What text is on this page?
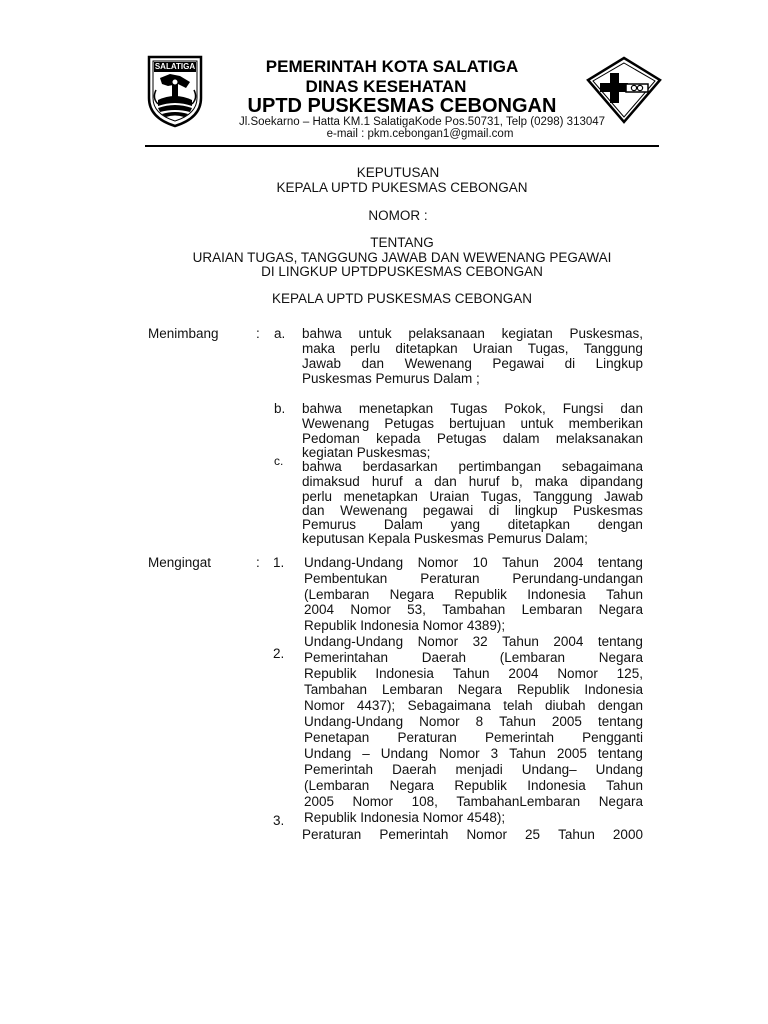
SALATIGA	PEMERINTAH KOTA SALATIGA
DINAS KESEHATAN
UPTD PUSKESMAS CEBONGAN
Jl.Soekarno – Hatta KM.1 SalatigaKode Pos.50731, Telp (0298) 313047
e-mail : pkm.cebongan1@gmail.com
KEPUTUSAN
KEPALA UPTD PUKESMAS CEBONGAN
NOMOR :
TENTANG
URAIAN TUGAS, TANGGUNG JAWAB DAN WEWENANG PEGAWAI
DI LINGKUP UPTDPUSKESMAS CEBONGAN
KEPALA UPTD PUSKESMAS CEBONGAN
Menimbang	: a. bahwa untuk pelaksanaan kegiatan Puskesmas,
maka perlu ditetapkan Uraian Tugas, Tanggung
Jawab dan Wewenang Pegawai di Lingkup
Puskesmas Pemurus Dalam ;
b. bahwa menetapkan Tugas Pokok, Fungsi dan
Wewenang Petugas bertujuan untuk memberikan
Pedoman kepada Petugas dalam melaksanakan
kegiatan Puskesmas;
c. bahwa berdasarkan pertimbangan sebagaimana
dimaksud huruf a dan huruf b, maka dipandang
perlu menetapkan Uraian Tugas, Tanggung Jawab
dan Wewenang pegawai di lingkup Puskesmas
Pemurus Dalam yang ditetapkan dengan
keputusan Kepala Puskesmas Pemurus Dalam;
Mengingat	: 1. Undang-Undang Nomor 10 Tahun 2004 tentang
Pembentukan Peraturan Perundang-undangan
(Lembaran Negara Republik Indonesia Tahun
2004 Nomor 53, Tambahan Lembaran Negara
Republik Indonesia Nomor 4389);
2.
Undang-Undang Nomor 32 Tahun 2004 tentang
Pemerintahan Daerah (Lembaran Negara
Republik Indonesia Tahun 2004 Nomor 125,
Tambahan Lembaran Negara Republik Indonesia
Nomor 4437); Sebagaimana telah diubah dengan
Undang-Undang Nomor 8 Tahun 2005 tentang
Penetapan Peraturan Pemerintah Pengganti
Undang – Undang Nomor 3 Tahun 2005 tentang
Pemerintah Daerah menjadi Undang– Undang
(Lembaran Negara Republik Indonesia Tahun
2005 Nomor 108, TambahanLembaran Negara
Republik Indonesia Nomor 4548);
3.
Peraturan Pemerintah Nomor 25 Tahun 2000
